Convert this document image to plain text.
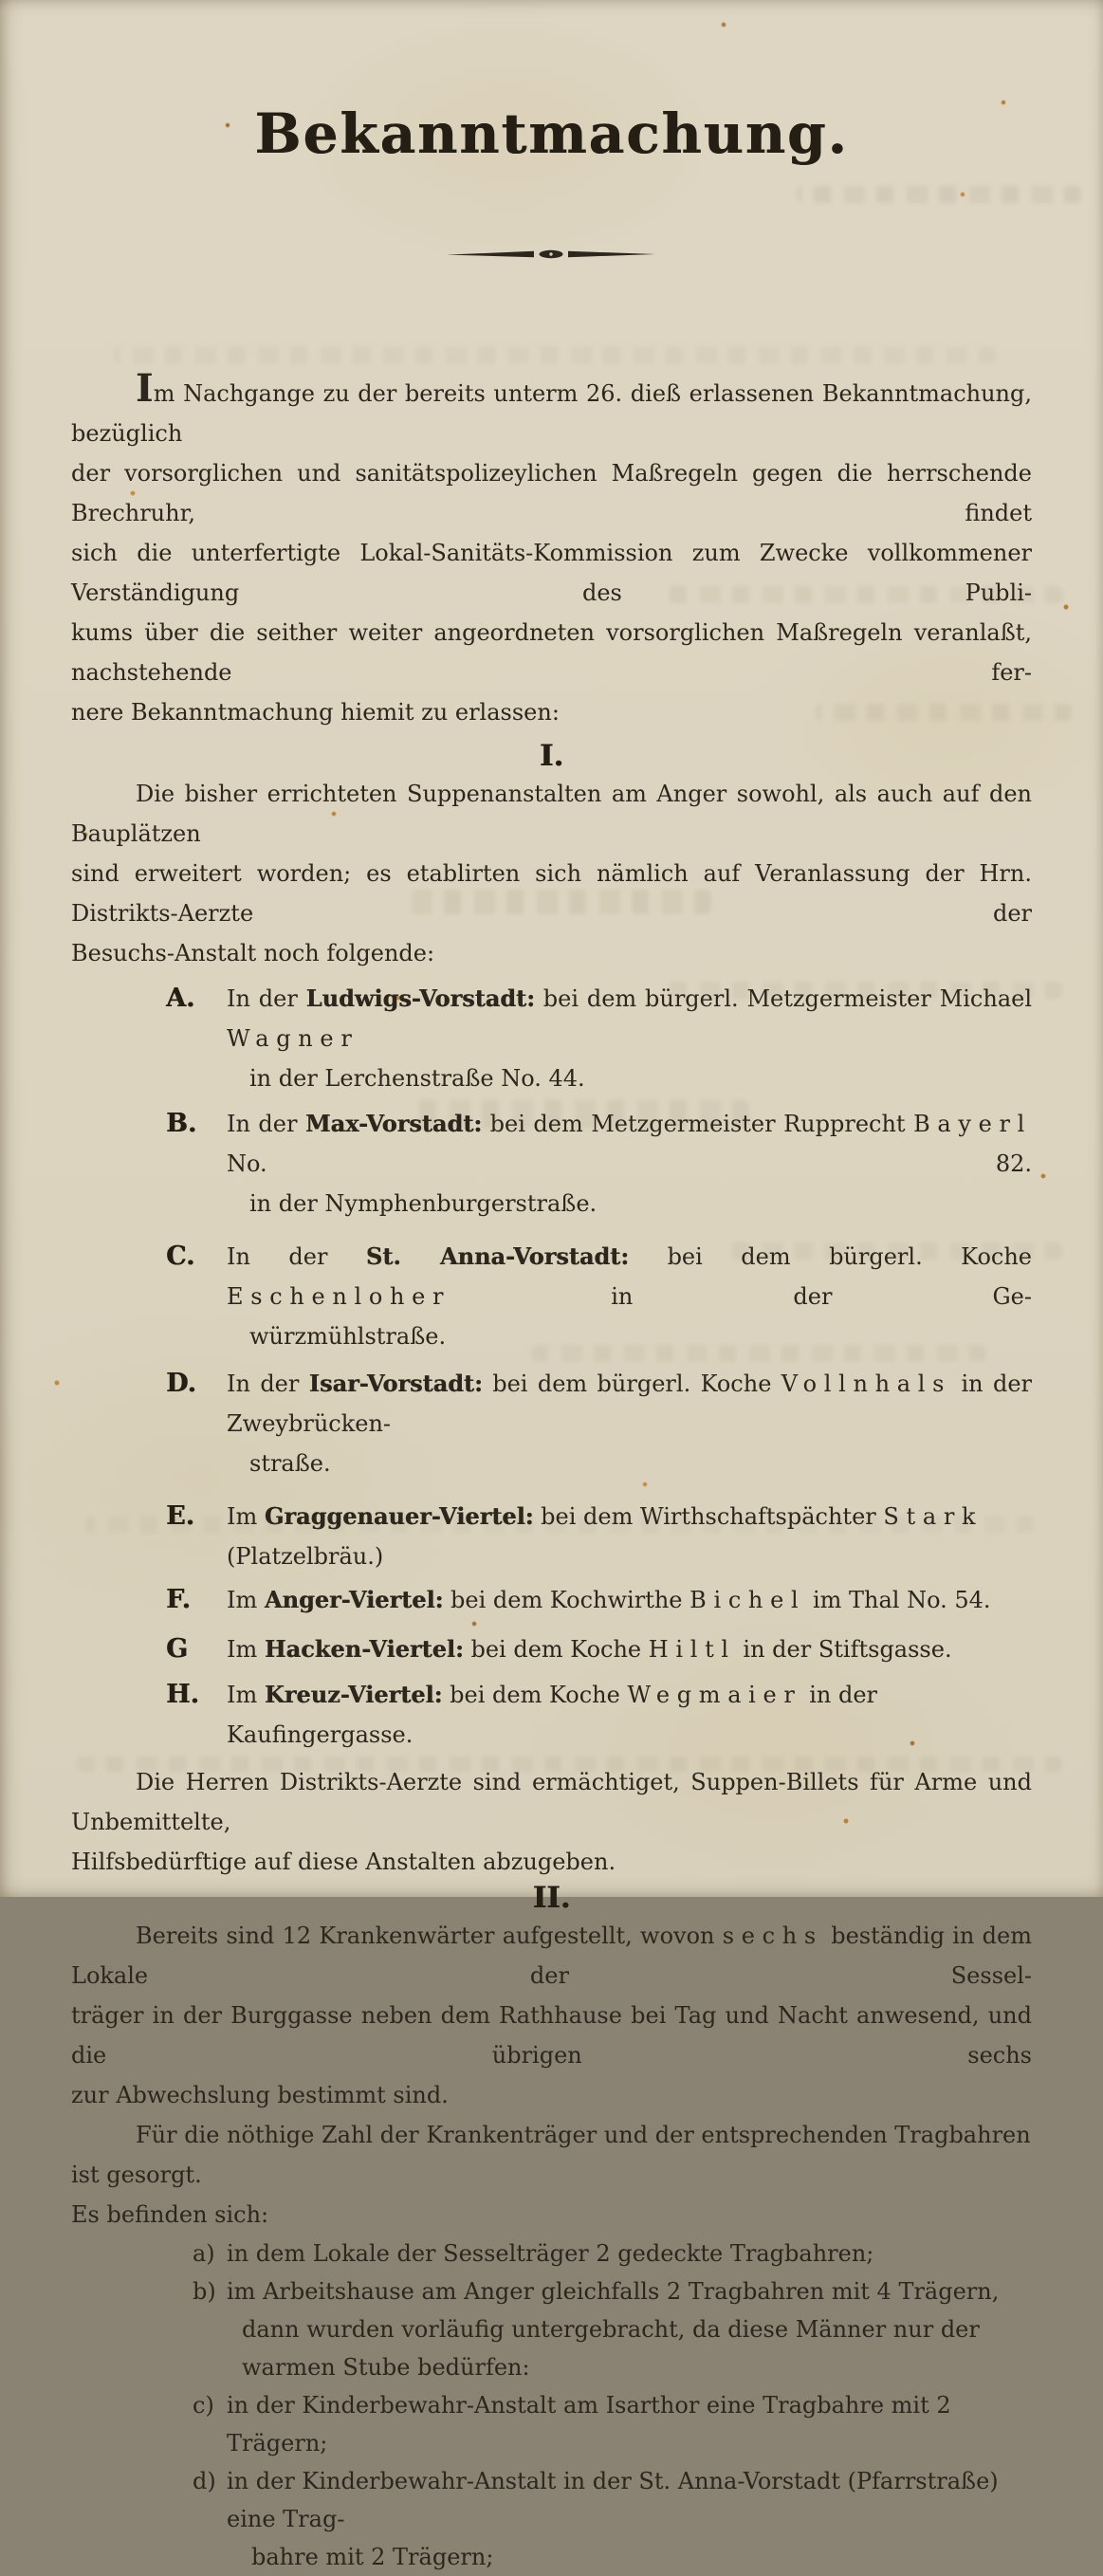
Bekanntmachung.

Im Nachgange zu der bereits unterm 26. dieß erlassenen Bekanntmachung, bezüglich
der vorsorglichen und sanitätspolizeylichen Maßregeln gegen die herrschende Brechruhr, findet
sich die unterfertigte Lokal-Sanitäts-Kommission zum Zwecke vollkommener Verständigung des Publi-
kums über die seither weiter angeordneten vorsorglichen Maßregeln veranlaßt, nachstehende fer-
nere Bekanntmachung hiemit zu erlassen:

I.

Die bisher errichteten Suppenanstalten am Anger sowohl, als auch auf den Bauplätzen
sind erweitert worden; es etablirten sich nämlich auf Veranlassung der Hrn. Distrikts-Aerzte der
Besuchs-Anstalt noch folgende:

A.	In der Ludwigs-Vorstadt: bei dem bürgerl. Metzgermeister Michael Wagner
in der Lerchenstraße No. 44.
B.	In der Max-Vorstadt: bei dem Metzgermeister Rupprecht Bayerl No. 82.
in der Nymphenburgerstraße.
C.	In der St. Anna-Vorstadt: bei dem bürgerl. Koche Eschenloher in der Ge-
würzmühlstraße.
D.	In der Isar-Vorstadt: bei dem bürgerl. Koche Vollnhals in der Zweybrücken-
straße.
E.	Im Graggenauer-Viertel: bei dem Wirthschaftspächter Stark (Platzelbräu.)
F.	Im Anger-Viertel: bei dem Kochwirthe Bichel im Thal No. 54.
G	Im Hacken-Viertel: bei dem Koche Hiltl in der Stiftsgasse.
H.	Im Kreuz-Viertel: bei dem Koche Wegmaier in der Kaufingergasse.

Die Herren Distrikts-Aerzte sind ermächtiget, Suppen-Billets für Arme und Unbemittelte,
Hilfsbedürftige auf diese Anstalten abzugeben.

II.

Bereits sind 12 Krankenwärter aufgestellt, wovon sechs beständig in dem Lokale der Sessel-
träger in der Burggasse neben dem Rathhause bei Tag und Nacht anwesend, und die übrigen sechs
zur Abwechslung bestimmt sind.

Für die nöthige Zahl der Krankenträger und der entsprechenden Tragbahren ist gesorgt.
Es befinden sich:

a) in dem Lokale der Sesselträger 2 gedeckte Tragbahren;
b) im Arbeitshause am Anger gleichfalls 2 Tragbahren mit 4 Trägern,
dann wurden vorläufig untergebracht, da diese Männer nur der warmen Stube bedürfen:
c) in der Kinderbewahr-Anstalt am Isarthor eine Tragbahre mit 2 Trägern;
d) in der Kinderbewahr-Anstalt in der St. Anna-Vorstadt (Pfarrstraße) eine Trag-
bahre mit 2 Trägern;
